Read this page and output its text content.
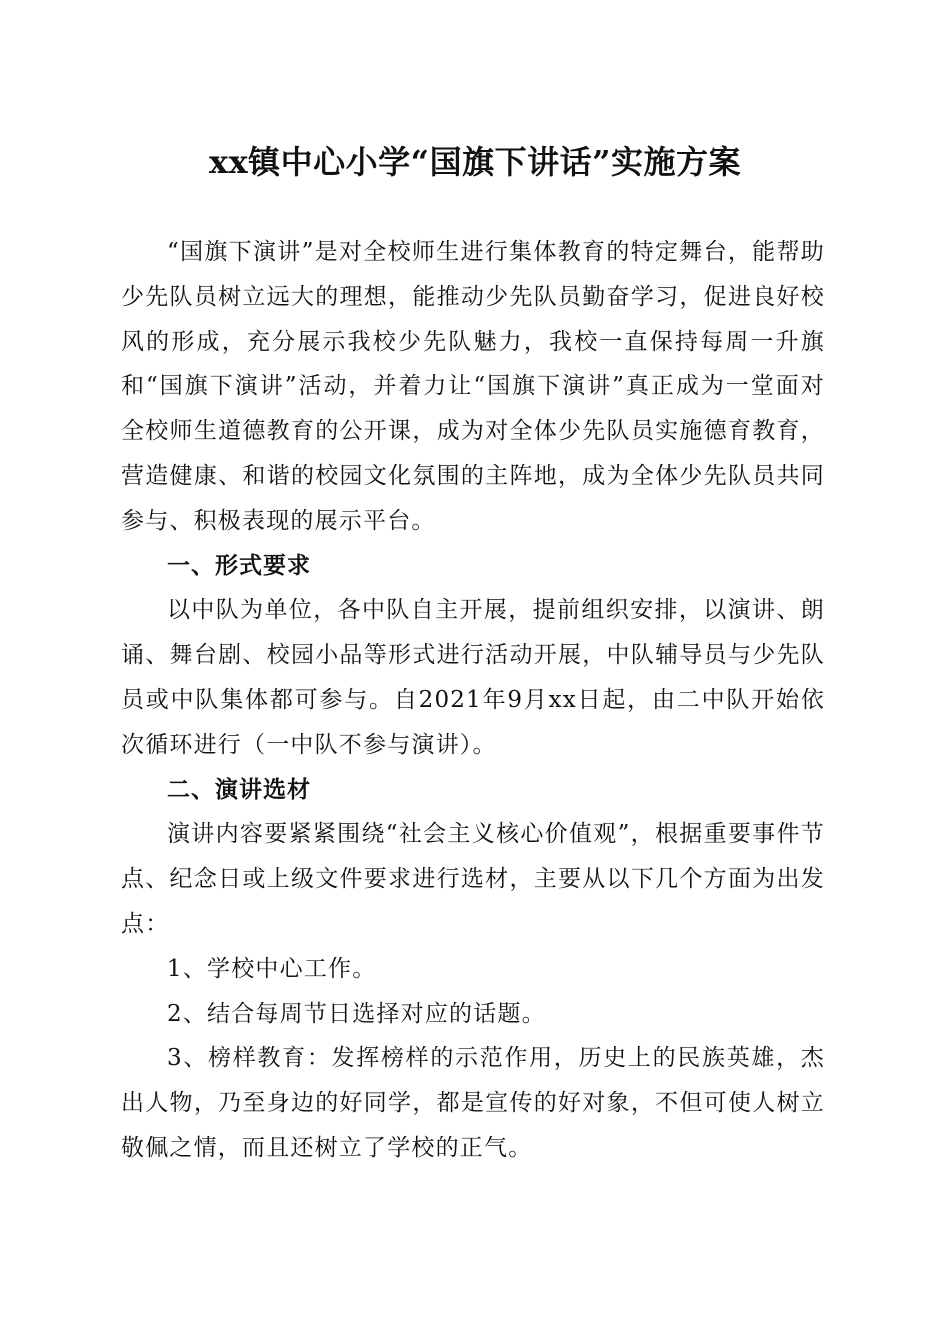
xx镇中心小学“国旗下讲话”实施方案

“国旗下演讲”是对全校师生进行集体教育的特定舞台，能帮助少先队员树立远大的理想，能推动少先队员勤奋学习，促进良好校风的形成，充分展示我校少先队魅力，我校一直保持每周一升旗和“国旗下演讲”活动，并着力让“国旗下演讲”真正成为一堂面对全校师生道德教育的公开课，成为对全体少先队员实施德育教育，营造健康、和谐的校园文化氛围的主阵地，成为全体少先队员共同参与、积极表现的展示平台。

一、形式要求

以中队为单位，各中队自主开展，提前组织安排，以演讲、朗诵、舞台剧、校园小品等形式进行活动开展，中队辅导员与少先队员或中队集体都可参与。自2021年9月xx日起，由二中队开始依次循环进行（一中队不参与演讲）。

二、演讲选材

演讲内容要紧紧围绕“社会主义核心价值观”，根据重要事件节点、纪念日或上级文件要求进行选材，主要从以下几个方面为出发点：

1、学校中心工作。

2、结合每周节日选择对应的话题。

3、榜样教育：发挥榜样的示范作用，历史上的民族英雄，杰出人物，乃至身边的好同学，都是宣传的好对象，不但可使人树立敬佩之情，而且还树立了学校的正气。
